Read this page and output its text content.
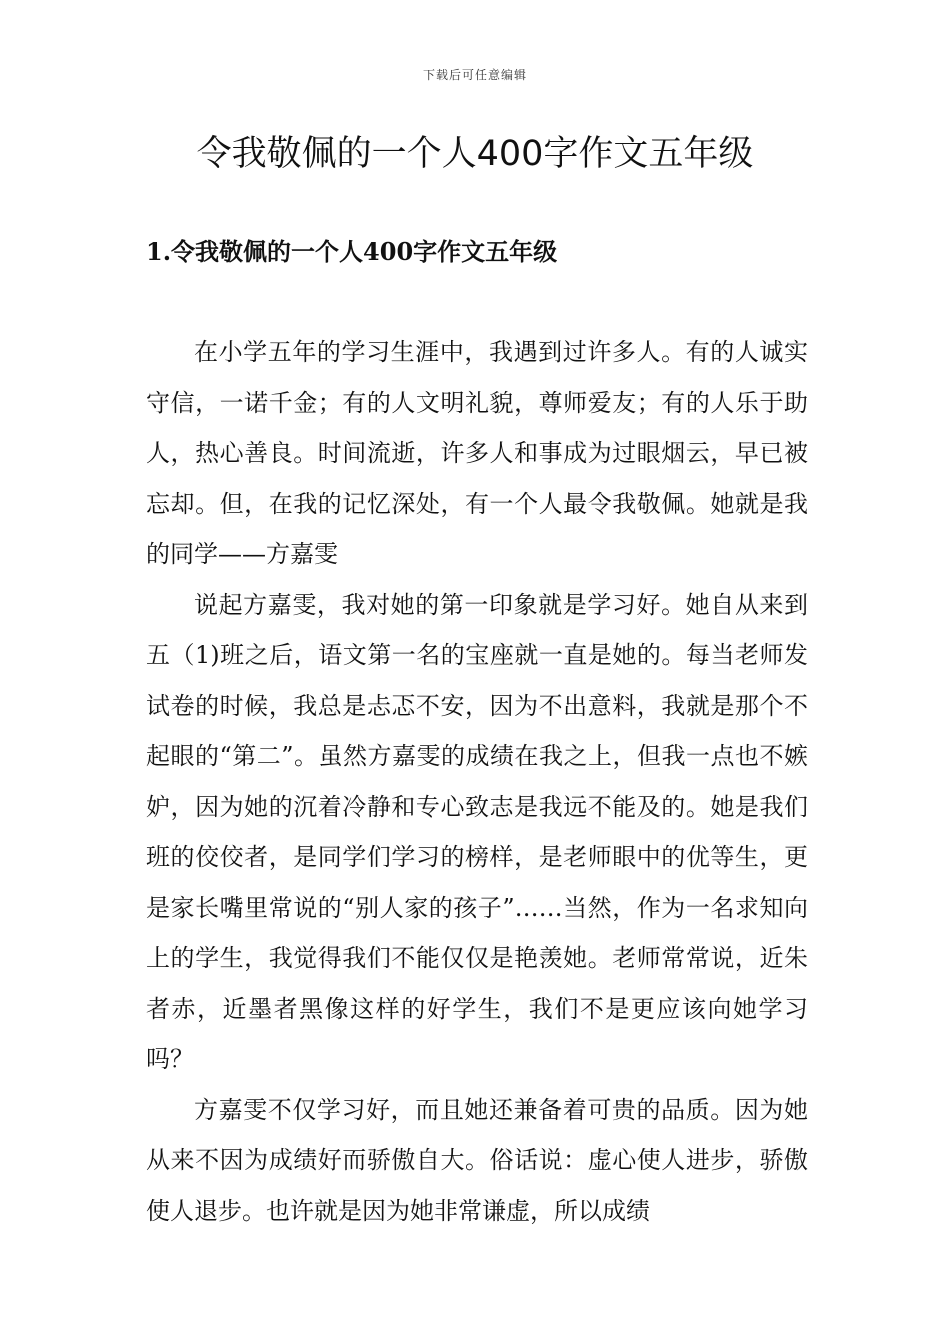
下载后可任意编辑
令我敬佩的一个人400字作文五年级
1.令我敬佩的一个人400字作文五年级

在小学五年的学习生涯中，我遇到过许多人。有的人诚实守信，一诺千金；有的人文明礼貌，尊师爱友；有的人乐于助人，热心善良。时间流逝，许多人和事成为过眼烟云，早已被忘却。但，在我的记忆深处，有一个人最令我敬佩。她就是我的同学——方嘉雯

说起方嘉雯，我对她的第一印象就是学习好。她自从来到五（1)班之后，语文第一名的宝座就一直是她的。每当老师发试卷的时候，我总是忐忑不安，因为不出意料，我就是那个不起眼的“第二”。虽然方嘉雯的成绩在我之上，但我一点也不嫉妒，因为她的沉着冷静和专心致志是我远不能及的。她是我们班的佼佼者，是同学们学习的榜样，是老师眼中的优等生，更是家长嘴里常说的“别人家的孩子”……当然，作为一名求知向上的学生，我觉得我们不能仅仅是艳羡她。老师常常说，近朱者赤，近墨者黑像这样的好学生，我们不是更应该向她学习吗？

方嘉雯不仅学习好，而且她还兼备着可贵的品质。因为她从来不因为成绩好而骄傲自大。俗话说：虚心使人进步，骄傲使人退步。也许就是因为她非常谦虚，所以成绩
